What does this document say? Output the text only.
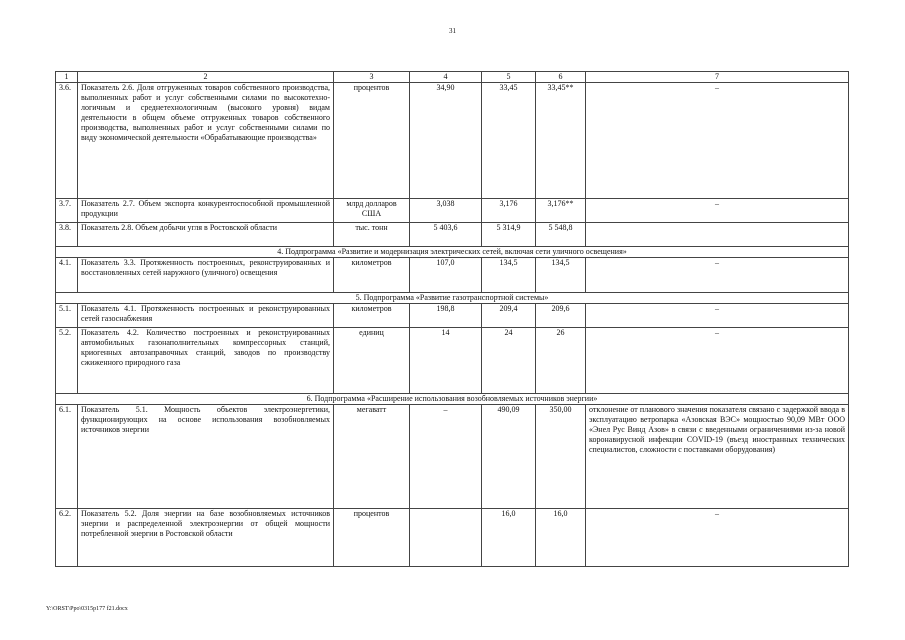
31
1	2	3	4	5	6	7
3.6.	Показатель 2.6. Доля отгруженных товаров собственного производства, выполненных работ и услуг собственными силами по высокотехно-логичным и среднетехнологичным (высокого уровня) видам деятельности в общем объеме отгруженных товаров собственного производства, выполненных работ и услуг собственными силами по виду экономической деятельности «Обрабатывающие производства»	процентов	34,90	33,45	33,45**	–
3.7.	Показатель 2.7. Объем экспорта конкурентоспособной промышленной продукции	млрд долларов США	3,038	3,176	3,176**	–
3.8.	Показатель 2.8. Объем добычи угля в Ростовской области	тыс. тонн	5 403,6	5 314,9	5 548,8	
4. Подпрограмма «Развитие и модернизация электрических сетей, включая сети уличного освещения»						
4.1.	Показатель 3.3. Протяженность построенных, реконструированных и восстановленных сетей наружного (уличного) освещения	километров	107,0	134,5	134,5	–
5. Подпрограмма «Развитие газотранспортной системы»						
5.1.	Показатель 4.1. Протяженность построенных и реконструированных сетей газоснабжения	километров	198,8	209,4	209,6	–
5.2.	Показатель 4.2. Количество построенных и реконструированных автомобильных газонаполнительных компрессорных станций, криогенных автозаправочных станций, заводов по производству сжиженного природного газа	единиц	14	24	26	–
6. Подпрограмма «Расширение использования возобновляемых источников энергии»						
6.1.	Показатель 5.1. Мощность объектов электроэнергетики, функционирующих на основе использования возобновляемых источников энергии	мегаватт	–	490,09	350,00	отклонение от планового значения показателя связано с задержкой ввода в эксплуатацию ветропарка «Азовская ВЭС» мощностью 90,09 МВт ООО «Энел Рус Винд Азов» в связи с введенными ограничениями из-за новой коронавирусной инфекции COVID-19 (въезд иностранных технических специалистов, сложности с поставками оборудования)
6.2.	Показатель 5.2. Доля энергии на базе возобновляемых источников энергии и распределенной электроэнергии от общей мощности потребленной энергии в Ростовской области	процентов		16,0	16,0	–
Y:\ORST\Ppo\0315p177 f21.docx
